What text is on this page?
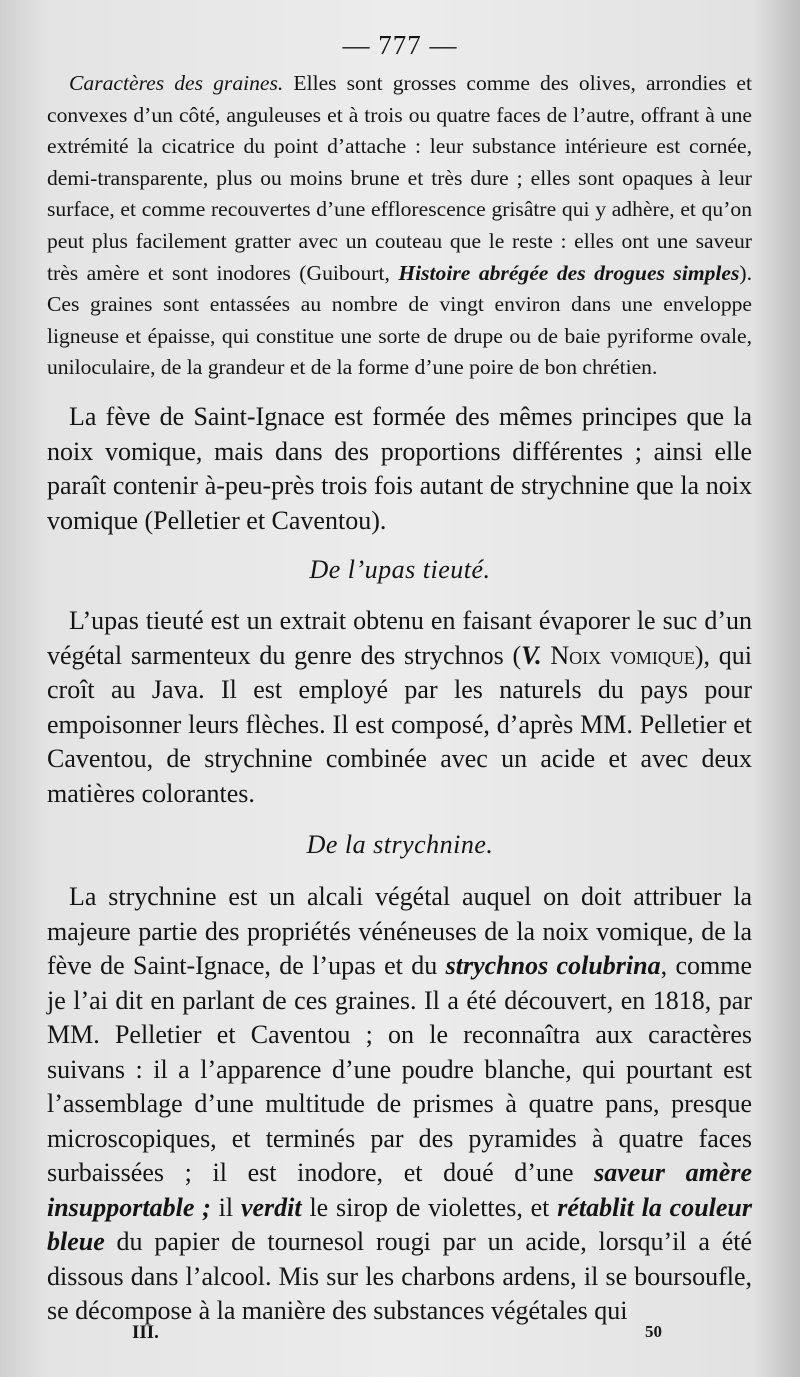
— 777 —

Caractères des graines. Elles sont grosses comme des olives, arrondies et convexes d’un côté, anguleuses et à trois ou quatre faces de l’autre, offrant à une extrémité la cicatrice du point d’attache : leur substance intérieure est cornée, demi-transparente, plus ou moins brune et très dure ; elles sont opaques à leur surface, et comme recouvertes d’une efflorescence grisâtre qui y adhère, et qu’on peut plus facilement gratter avec un couteau que le reste : elles ont une saveur très amère et sont inodores (Guibourt, Histoire abrégée des drogues simples). Ces graines sont entassées au nombre de vingt environ dans une enveloppe ligneuse et épaisse, qui constitue une sorte de drupe ou de baie pyriforme ovale, uniloculaire, de la grandeur et de la forme d’une poire de bon chrétien.

La fève de Saint-Ignace est formée des mêmes principes que la noix vomique, mais dans des proportions différentes ; ainsi elle paraît contenir à-peu-près trois fois autant de strychnine que la noix vomique (Pelletier et Caventou).

De l’upas tieuté.

L’upas tieuté est un extrait obtenu en faisant évaporer le suc d’un végétal sarmenteux du genre des strychnos (V. Noix vomique), qui croît au Java. Il est employé par les naturels du pays pour empoisonner leurs flèches. Il est composé, d’après MM. Pelletier et Caventou, de strychnine combinée avec un acide et avec deux matières colorantes.

De la strychnine.

La strychnine est un alcali végétal auquel on doit attribuer la majeure partie des propriétés vénéneuses de la noix vomique, de la fève de Saint-Ignace, de l’upas et du strychnos colubrina, comme je l’ai dit en parlant de ces graines. Il a été découvert, en 1818, par MM. Pelletier et Caventou ; on le reconnaîtra aux caractères suivans : il a l’apparence d’une poudre blanche, qui pourtant est l’assemblage d’une multitude de prismes à quatre pans, presque microscopiques, et terminés par des pyramides à quatre faces surbaissées ; il est inodore, et doué d’une saveur amère insupportable ; il verdit le sirop de violettes, et rétablit la couleur bleue du papier de tournesol rougi par un acide, lorsqu’il a été dissous dans l’alcool. Mis sur les charbons ardens, il se boursoufle, se décompose à la manière des substances végétales qui

III.	50
